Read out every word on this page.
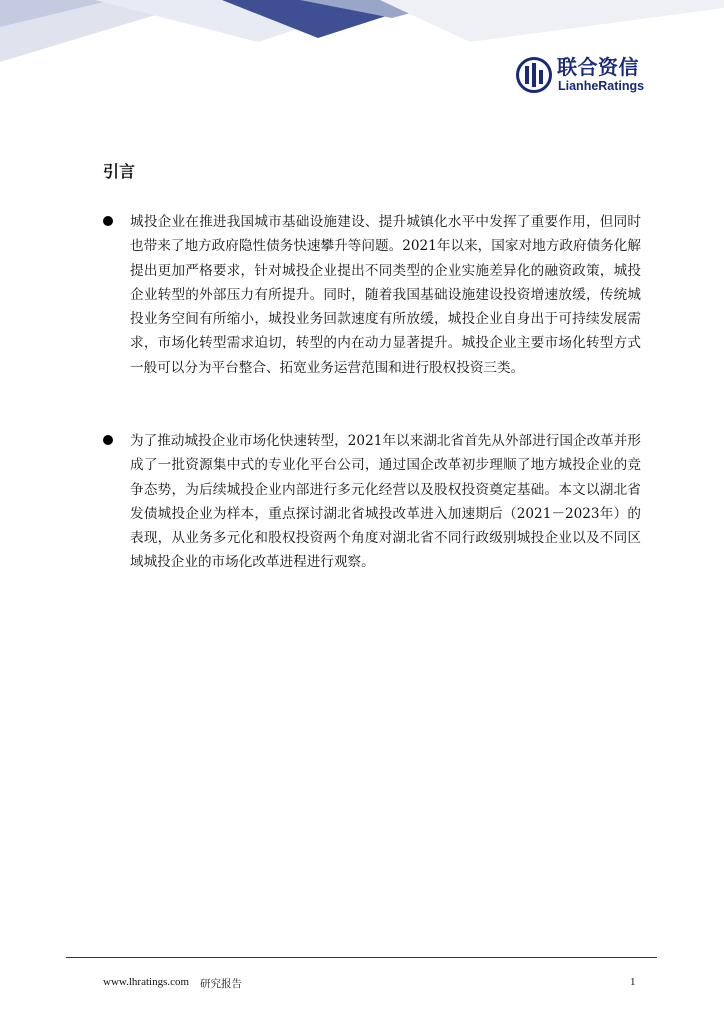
联合资信
LianheRatings
引言
城投企业在推进我国城市基础设施建设、提升城镇化水平中发挥了重要作用，但同时也带来了地方政府隐性债务快速攀升等问题。2021年以来，国家对地方政府债务化解提出更加严格要求，针对城投企业提出不同类型的企业实施差异化的融资政策，城投企业转型的外部压力有所提升。同时，随着我国基础设施建设投资增速放缓，传统城投业务空间有所缩小，城投业务回款速度有所放缓，城投企业自身出于可持续发展需求，市场化转型需求迫切，转型的内在动力显著提升。城投企业主要市场化转型方式一般可以分为平台整合、拓宽业务运营范围和进行股权投资三类。
为了推动城投企业市场化快速转型，2021年以来湖北省首先从外部进行国企改革并形成了一批资源集中式的专业化平台公司，通过国企改革初步理顺了地方城投企业的竞争态势，为后续城投企业内部进行多元化经营以及股权投资奠定基础。本文以湖北省发债城投企业为样本，重点探讨湖北省城投改革进入加速期后（2021－2023年）的表现，从业务多元化和股权投资两个角度对湖北省不同行政级别城投企业以及不同区域城投企业的市场化改革进程进行观察。
www.lhratings.com 研究报告	1
